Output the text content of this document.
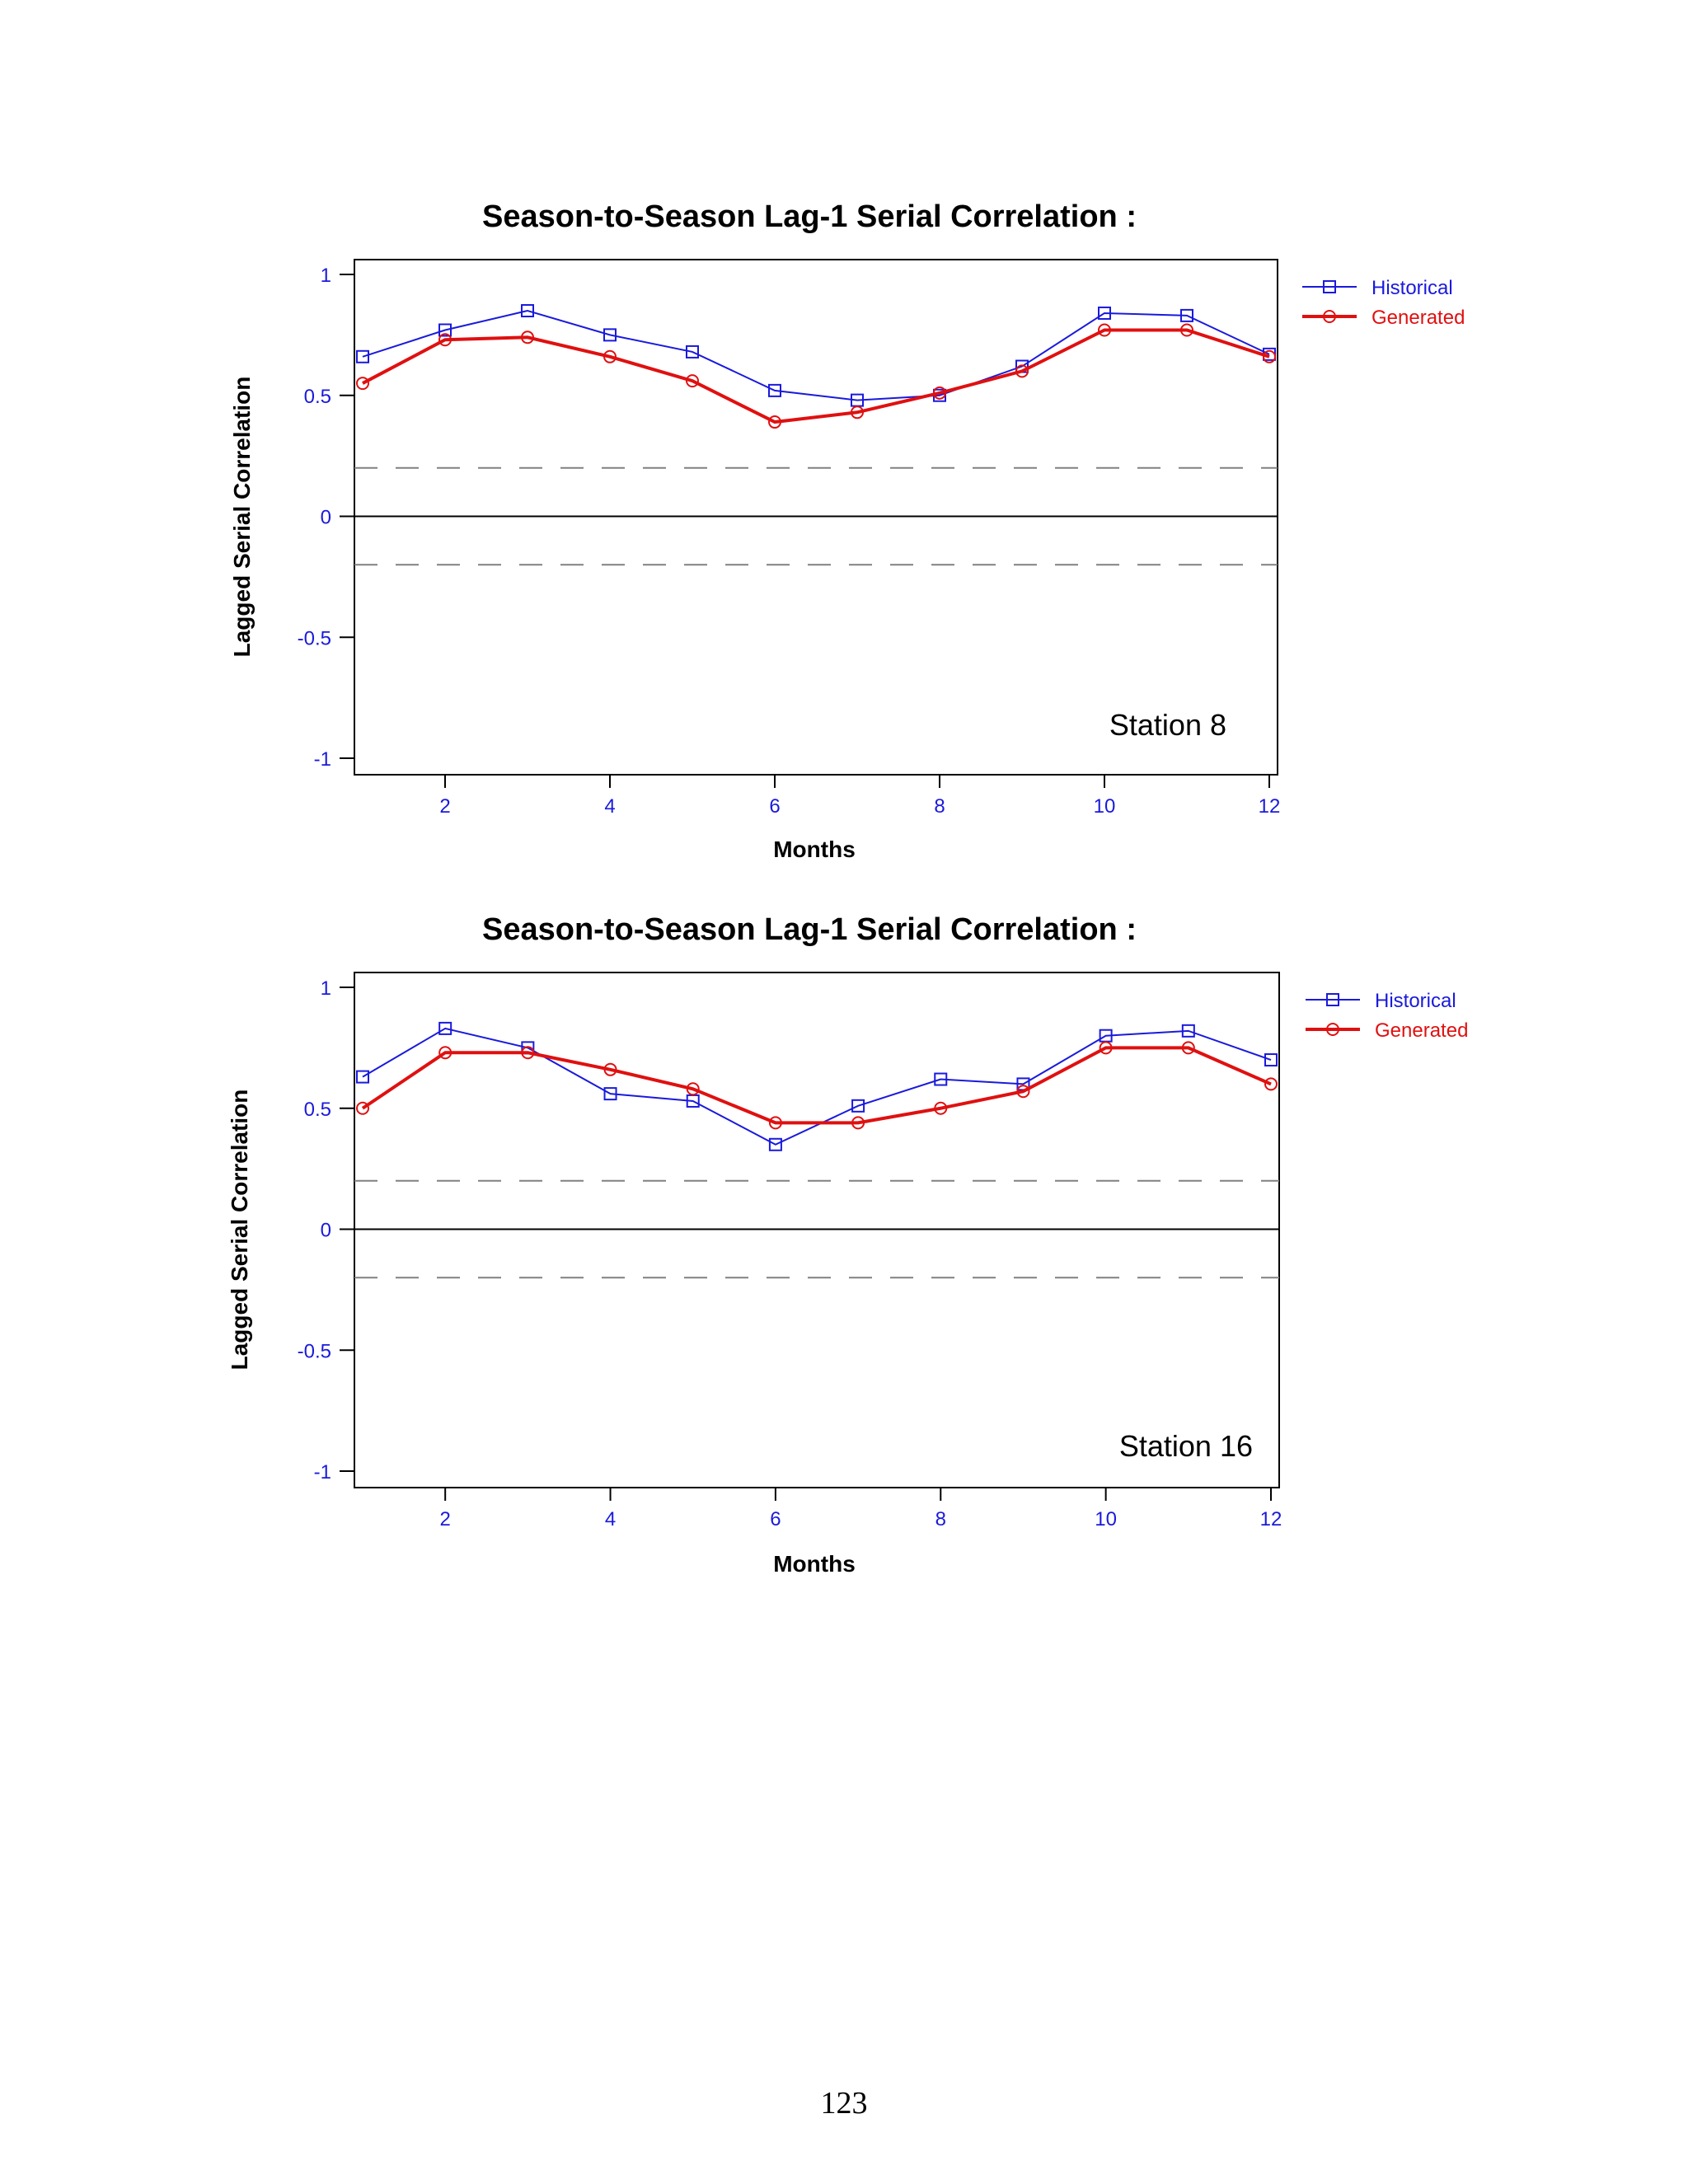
Season-to-Season Lag-1 Serial Correlation :
Lagged Serial Correlation
Months
Station 8
1
0.5
0
-0.5
-1
2	4	6	8	10	12
Historical
Generated
Season-to-Season Lag-1 Serial Correlation :
Lagged Serial Correlation
Months
Station 16
1
0.5
0
-0.5
-1
2	4	6	8	10	12
Historical
Generated
123
